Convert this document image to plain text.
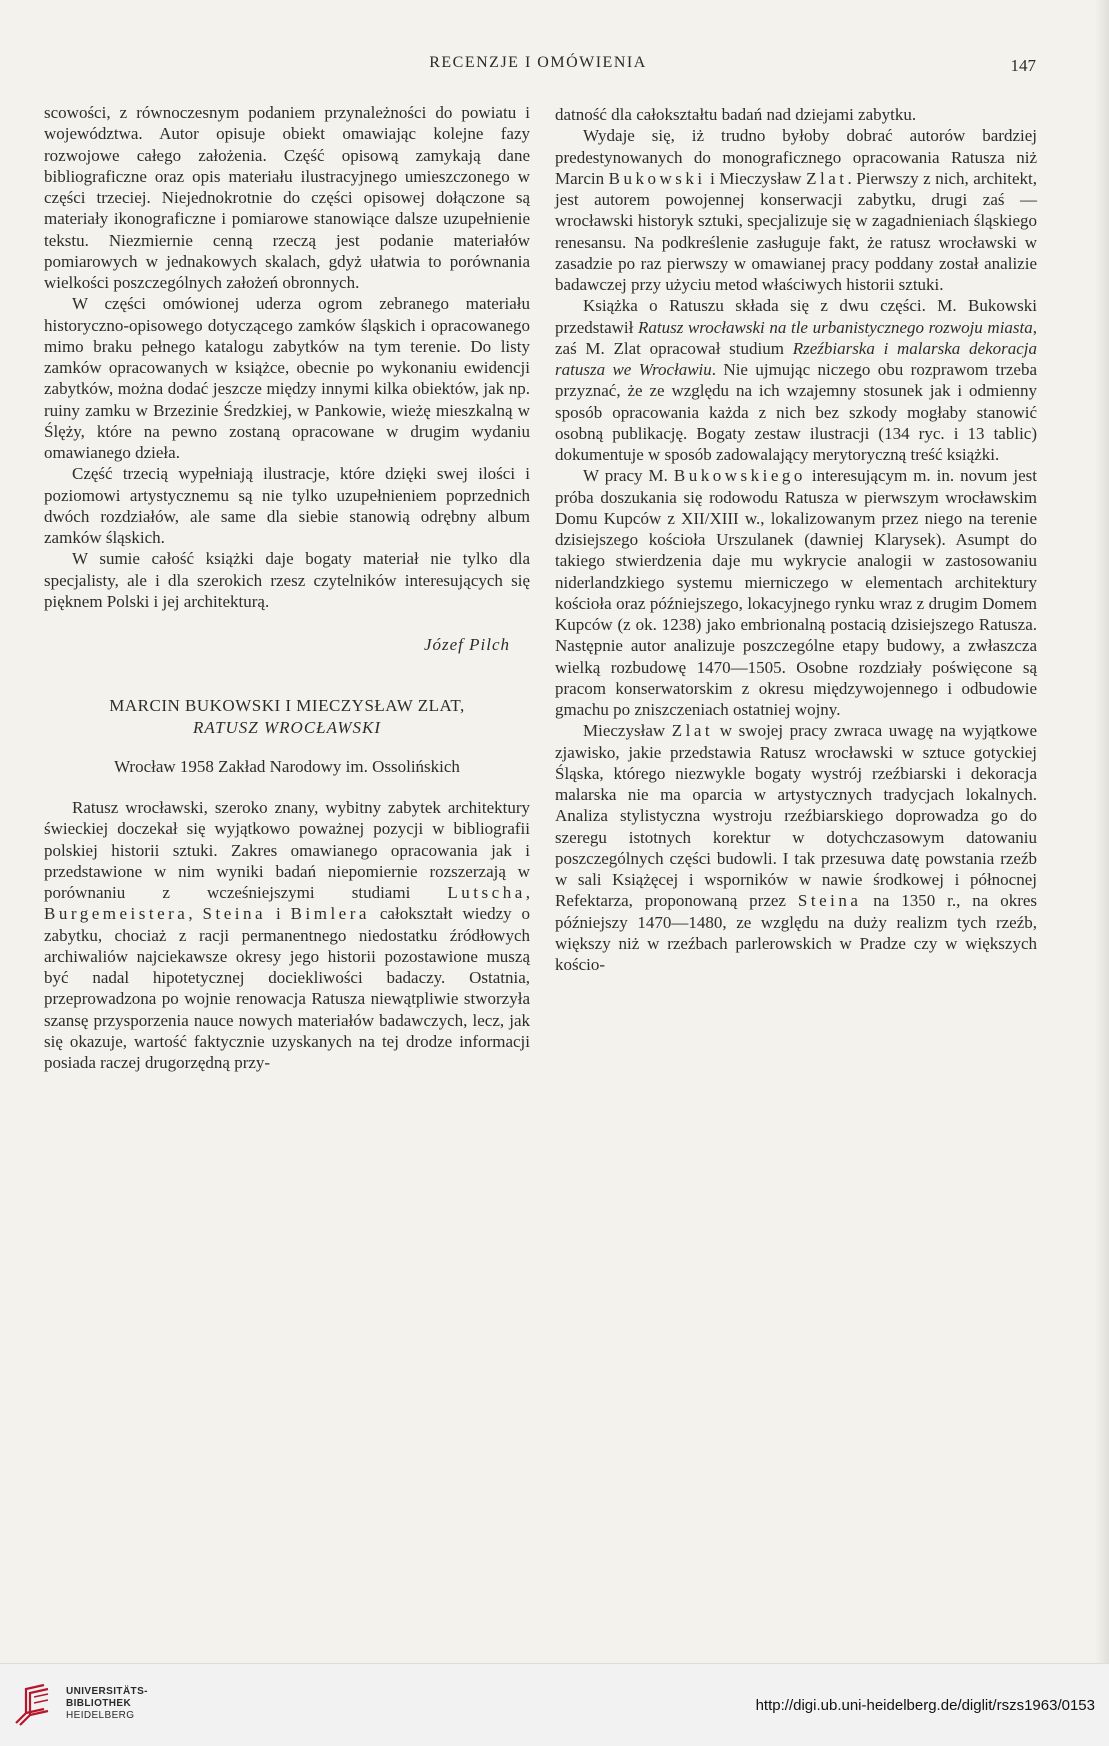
RECENZJE I OMÓWIENIA	147

scowości, z równoczesnym podaniem przynależności do powiatu i województwa. Autor opisuje obiekt omawiając kolejne fazy rozwojowe całego założenia. Część opisową zamykają dane bibliograficzne oraz opis materiału ilustracyjnego umieszczonego w części trzeciej. Niejednokrotnie do części opisowej dołączone są materiały ikonograficzne i pomiarowe stanowiące dalsze uzupełnienie tekstu. Niezmiernie cenną rzeczą jest podanie materiałów pomiarowych w jednakowych skalach, gdyż ułatwia to porównania wielkości poszczególnych założeń obronnych.

W części omówionej uderza ogrom zebranego materiału historyczno-opisowego dotyczącego zamków śląskich i opracowanego mimo braku pełnego katalogu zabytków na tym terenie. Do listy zamków opracowanych w książce, obecnie po wykonaniu ewidencji zabytków, można dodać jeszcze między innymi kilka obiektów, jak np. ruiny zamku w Brzezinie Średzkiej, w Pankowie, wieżę mieszkalną w Ślęży, które na pewno zostaną opracowane w drugim wydaniu omawianego dzieła.

Część trzecią wypełniają ilustracje, które dzięki swej ilości i poziomowi artystycznemu są nie tylko uzupełnieniem poprzednich dwóch rozdziałów, ale same dla siebie stanowią odrębny album zamków śląskich.

W sumie całość książki daje bogaty materiał nie tylko dla specjalisty, ale i dla szerokich rzesz czytelników interesujących się pięknem Polski i jej architekturą.

Józef Pilch
MARCIN BUKOWSKI I MIECZYSŁAW ZLAT,
RATUSZ WROCŁAWSKI
Wrocław 1958 Zakład Narodowy im. Ossolińskich

Ratusz wrocławski, szeroko znany, wybitny zabytek architektury świeckiej doczekał się wyjątkowo poważnej pozycji w bibliografii polskiej historii sztuki. Zakres omawianego opracowania jak i przedstawione w nim wyniki badań niepomiernie rozszerzają w porównaniu z wcześniejszymi studiami Lutscha, Burgemeistera, Steina i Bimlera całokształt wiedzy o zabytku, chociaż z racji permanentnego niedostatku źródłowych archiwaliów najciekawsze okresy jego historii pozostawione muszą być nadal hipotetycznej dociekliwości badaczy. Ostatnia, przeprowadzona po wojnie renowacja Ratusza niewątpliwie stworzyła szansę przysporzenia nauce nowych materiałów badawczych, lecz, jak się okazuje, wartość faktycznie uzyskanych na tej drodze informacji posiada raczej drugorzędną przy-

datność dla całokształtu badań nad dziejami zabytku.

Wydaje się, iż trudno byłoby dobrać autorów bardziej predestynowanych do monograficznego opracowania Ratusza niż Marcin Bukowski i Mieczysław Zlat. Pierwszy z nich, architekt, jest autorem powojennej konserwacji zabytku, drugi zaś — wrocławski historyk sztuki, specjalizuje się w zagadnieniach śląskiego renesansu. Na podkreślenie zasługuje fakt, że ratusz wrocławski w zasadzie po raz pierwszy w omawianej pracy poddany został analizie badawczej przy użyciu metod właściwych historii sztuki.

Książka o Ratuszu składa się z dwu części. M. Bukowski przedstawił Ratusz wrocławski na tle urbanistycznego rozwoju miasta, zaś M. Zlat opracował studium Rzeźbiarska i malarska dekoracja ratusza we Wrocławiu. Nie ujmując niczego obu rozprawom trzeba przyznać, że ze względu na ich wzajemny stosunek jak i odmienny sposób opracowania każda z nich bez szkody mogłaby stanowić osobną publikację. Bogaty zestaw ilustracji (134 ryc. i 13 tablic) dokumentuje w sposób zadowalający merytoryczną treść książki.

W pracy M. Bukowskiego interesującym m. in. novum jest próba doszukania się rodowodu Ratusza w pierwszym wrocławskim Domu Kupców z XII/XIII w., lokalizowanym przez niego na terenie dzisiejszego kościoła Urszulanek (dawniej Klarysek). Asumpt do takiego stwierdzenia daje mu wykrycie analogii w zastosowaniu niderlandzkiego systemu mierniczego w elementach architektury kościoła oraz późniejszego, lokacyjnego rynku wraz z drugim Domem Kupców (z ok. 1238) jako embrionalną postacią dzisiejszego Ratusza. Następnie autor analizuje poszczególne etapy budowy, a zwłaszcza wielką rozbudowę 1470—1505. Osobne rozdziały poświęcone są pracom konserwatorskim z okresu międzywojennego i odbudowie gmachu po zniszczeniach ostatniej wojny.

Mieczysław Zlat w swojej pracy zwraca uwagę na wyjątkowe zjawisko, jakie przedstawia Ratusz wrocławski w sztuce gotyckiej Śląska, którego niezwykle bogaty wystrój rzeźbiarski i dekoracja malarska nie ma oparcia w artystycznych tradycjach lokalnych. Analiza stylistyczna wystroju rzeźbiarskiego doprowadza go do szeregu istotnych korektur w dotychczasowym datowaniu poszczególnych części budowli. I tak przesuwa datę powstania rzeźb w sali Książęcej i wsporników w nawie środkowej i północnej Refektarza, proponowaną przez Steina na 1350 r., na okres późniejszy 1470—1480, ze względu na duży realizm tych rzeźb, większy niż w rzeźbach parlerowskich w Pradze czy w większych kościo-

UNIVERSITÄTS-
BIBLIOTHEK
HEIDELBERG
http://digi.ub.uni-heidelberg.de/diglit/rszs1963/0153
